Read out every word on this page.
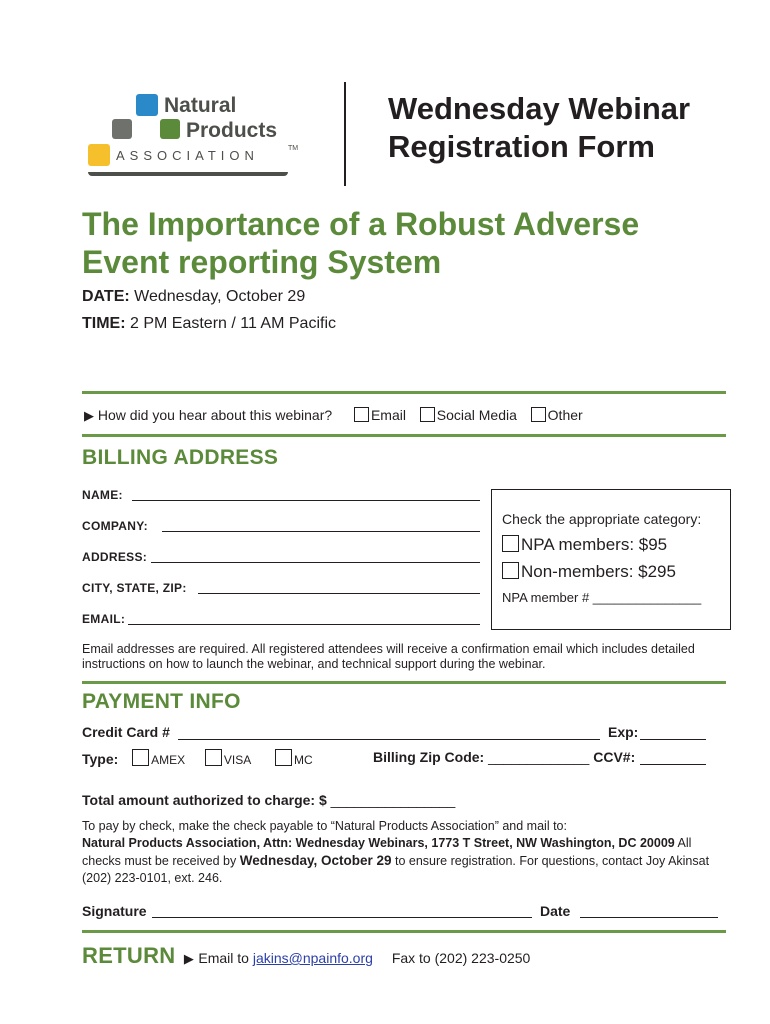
Natural
Products
ASSOCIATION	TM
Wednesday Webinar
Registration Form
The Importance of a Robust Adverse
Event reporting System
DATE: Wednesday, October 29
TIME: 2 PM Eastern / 11 AM Pacific
▶ How did you hear about this webinar?	Email Social Media Other
BILLING ADDRESS
NAME:
COMPANY:
ADDRESS:
CITY, STATE, ZIP:
EMAIL:
Check the appropriate category:
NPA members: $95
Non-members: $295
NPA member # _______________
Email addresses are required. All registered attendees will receive a confirmation email which includes detailed instructions on how to launch the webinar, and technical support during the webinar.
PAYMENT INFO
Credit Card #	Exp:
Type:	AMEX	VISA	MC	Billing Zip Code: _____________ CCV#:
Total amount authorized to charge: $ ________________
To pay by check, make the check payable to “Natural Products Association” and mail to:
Natural Products Association, Attn: Wednesday Webinars, 1773 T Street, NW Washington, DC 20009 All checks must be received by Wednesday, October 29 to ensure registration. For questions, contact Joy Akinsat (202) 223-0101, ext. 246.
Signature	Date
RETURN ▶ Email to jakins@npainfo.org Fax to (202) 223-0250
